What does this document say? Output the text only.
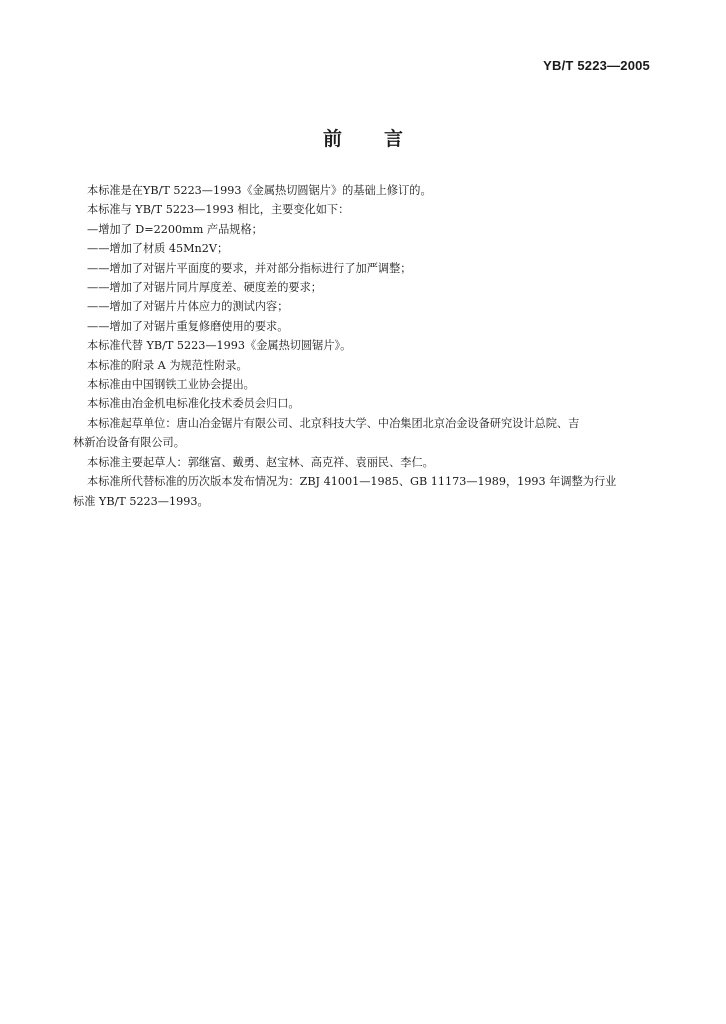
YB/T 5223—2005
前 言

本标准是在YB/T 5223—1993《金属热切圆锯片》的基础上修订的。

本标准与 YB/T 5223—1993 相比，主要变化如下：

—增加了 D=2200mm 产品规格；

——增加了材质 45Mn2V；

——增加了对锯片平面度的要求，并对部分指标进行了加严调整；

——增加了对锯片同片厚度差、硬度差的要求；

——增加了对锯片片体应力的测试内容；

——增加了对锯片重复修磨使用的要求。

本标准代替 YB/T 5223—1993《金属热切圆锯片》。

本标准的附录 A 为规范性附录。

本标准由中国钢铁工业协会提出。

本标准由冶金机电标准化技术委员会归口。

本标准起草单位：唐山冶金锯片有限公司、北京科技大学、中冶集团北京冶金设备研究设计总院、吉

林新冶设备有限公司。

本标准主要起草人：郭继富、戴勇、赵宝林、高克祥、袁丽民、李仁。

本标准所代替标准的历次版本发布情况为：ZBJ 41001—1985、GB 11173—1989，1993 年调整为行业

标准 YB/T 5223—1993。
